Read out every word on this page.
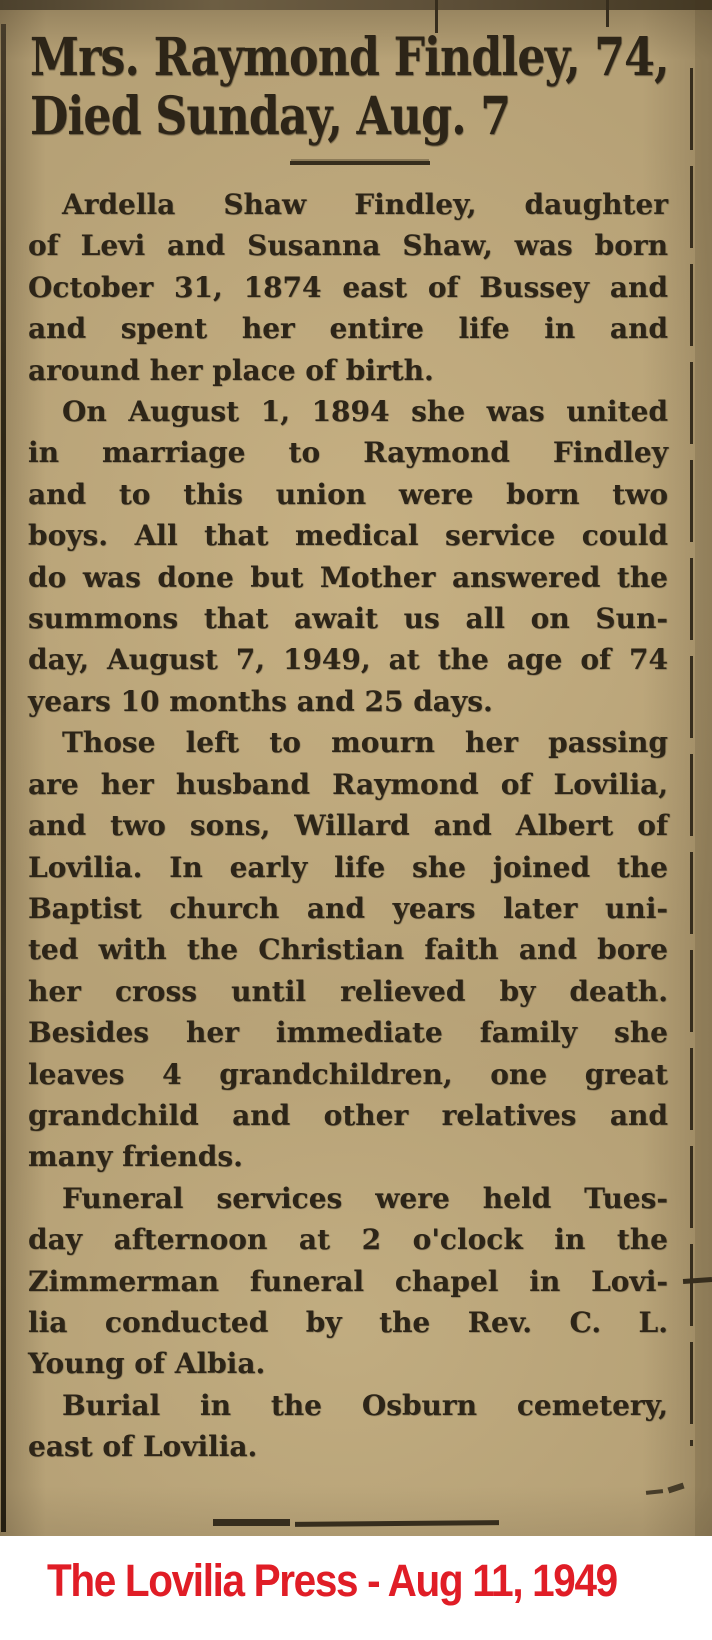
Mrs. Raymond Findley, 74,
Died Sunday, Aug. 7
Ardella Shaw Findley, daughter
of Levi and Susanna Shaw, was born
October 31, 1874 east of Bussey and
and spent her entire life in and
around her place of birth.
On August 1, 1894 she was united
in marriage to Raymond Findley
and to this union were born two
boys. All that medical service could
do was done but Mother answered the
summons that await us all on Sun-
day, August 7, 1949, at the age of 74
years 10 months and 25 days.
Those left to mourn her passing
are her husband Raymond of Lovilia,
and two sons, Willard and Albert of
Lovilia. In early life she joined the
Baptist church and years later uni-
ted with the Christian faith and bore
her cross until relieved by death.
Besides her immediate family she
leaves 4 grandchildren, one great
grandchild and other relatives and
many friends.
Funeral services were held Tues-
day afternoon at 2 o'clock in the
Zimmerman funeral chapel in Lovi-
lia conducted by the Rev. C. L.
Young of Albia.
Burial in the Osburn cemetery,
east of Lovilia.
The Lovilia Press - Aug 11, 1949
